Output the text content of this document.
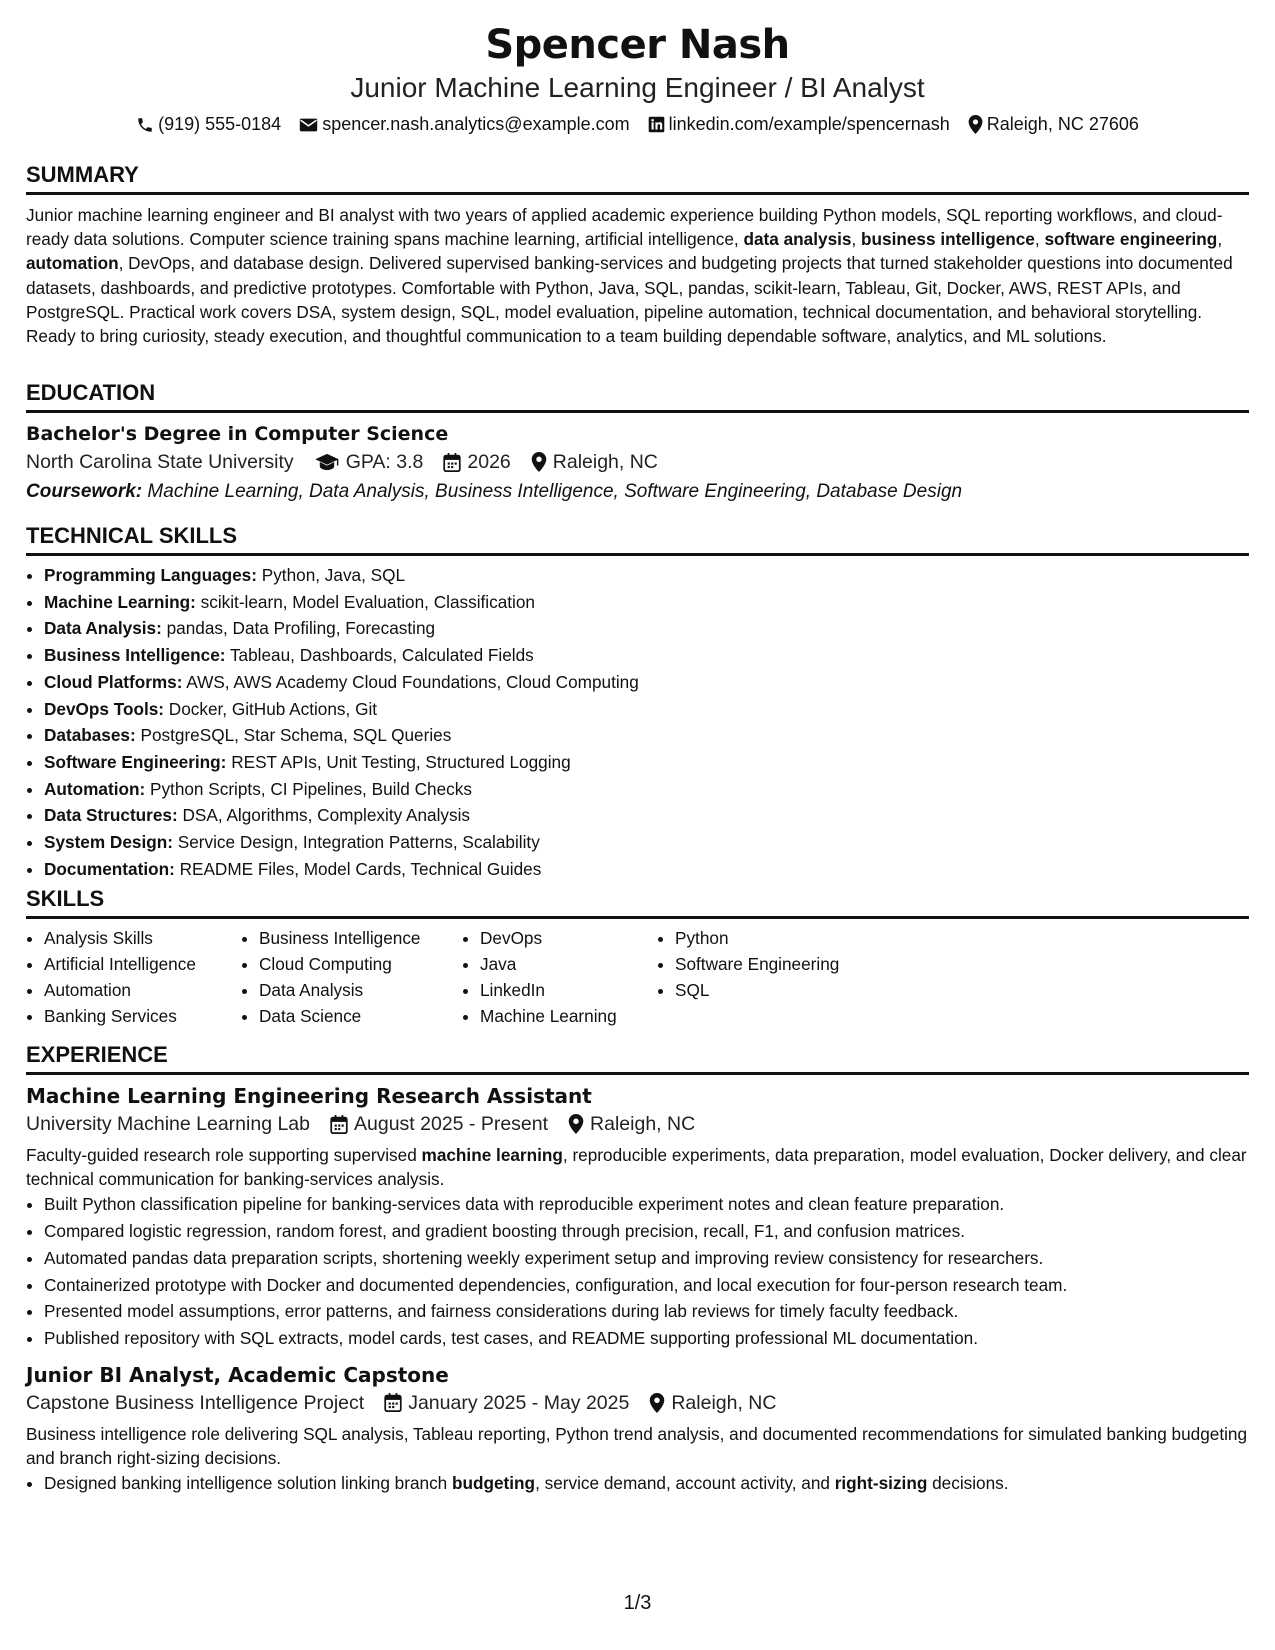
Spencer Nash
Junior Machine Learning Engineer / BI Analyst
(919) 555-0184 spencer.nash.analytics@example.com linkedin.com/example/spencernash Raleigh, NC 27606
SUMMARY
Junior machine learning engineer and BI analyst with two years of applied academic experience building Python models, SQL reporting workflows, and cloud-ready data solutions. Computer science training spans machine learning, artificial intelligence, data analysis, business intelligence, software engineering, automation, DevOps, and database design. Delivered supervised banking-services and budgeting projects that turned stakeholder questions into documented datasets, dashboards, and predictive prototypes. Comfortable with Python, Java, SQL, pandas, scikit-learn, Tableau, Git, Docker, AWS, REST APIs, and PostgreSQL. Practical work covers DSA, system design, SQL, model evaluation, pipeline automation, technical documentation, and behavioral storytelling. Ready to bring curiosity, steady execution, and thoughtful communication to a team building dependable software, analytics, and ML solutions.
EDUCATION
Bachelor's Degree in Computer Science
North Carolina State University	GPA: 3.8 2026 Raleigh, NC
Coursework: Machine Learning, Data Analysis, Business Intelligence, Software Engineering, Database Design
TECHNICAL SKILLS
• Programming Languages: Python, Java, SQL
• Machine Learning: scikit-learn, Model Evaluation, Classification
• Data Analysis: pandas, Data Profiling, Forecasting
• Business Intelligence: Tableau, Dashboards, Calculated Fields
• Cloud Platforms: AWS, AWS Academy Cloud Foundations, Cloud Computing
• DevOps Tools: Docker, GitHub Actions, Git
• Databases: PostgreSQL, Star Schema, SQL Queries
• Software Engineering: REST APIs, Unit Testing, Structured Logging
• Automation: Python Scripts, CI Pipelines, Build Checks
• Data Structures: DSA, Algorithms, Complexity Analysis
• System Design: Service Design, Integration Patterns, Scalability
• Documentation: README Files, Model Cards, Technical Guides
SKILLS
• Analysis Skills
• Artificial Intelligence
• Automation
• Banking Services
• Business Intelligence
• Cloud Computing
• Data Analysis
• Data Science
• DevOps
• Java
• LinkedIn
• Machine Learning
• Python
• Software Engineering
• SQL
EXPERIENCE
Machine Learning Engineering Research Assistant
University Machine Learning Lab August 2025 - Present Raleigh, NC
Faculty-guided research role supporting supervised machine learning, reproducible experiments, data preparation, model evaluation, Docker delivery, and clear technical communication for banking-services analysis.
• Built Python classification pipeline for banking-services data with reproducible experiment notes and clean feature preparation.
• Compared logistic regression, random forest, and gradient boosting through precision, recall, F1, and confusion matrices.
• Automated pandas data preparation scripts, shortening weekly experiment setup and improving review consistency for researchers.
• Containerized prototype with Docker and documented dependencies, configuration, and local execution for four-person research team.
• Presented model assumptions, error patterns, and fairness considerations during lab reviews for timely faculty feedback.
• Published repository with SQL extracts, model cards, test cases, and README supporting professional ML documentation.
Junior BI Analyst, Academic Capstone
Capstone Business Intelligence Project January 2025 - May 2025 Raleigh, NC
Business intelligence role delivering SQL analysis, Tableau reporting, Python trend analysis, and documented recommendations for simulated banking budgeting and branch right-sizing decisions.
• Designed banking intelligence solution linking branch budgeting, service demand, account activity, and right-sizing decisions.
1/3
